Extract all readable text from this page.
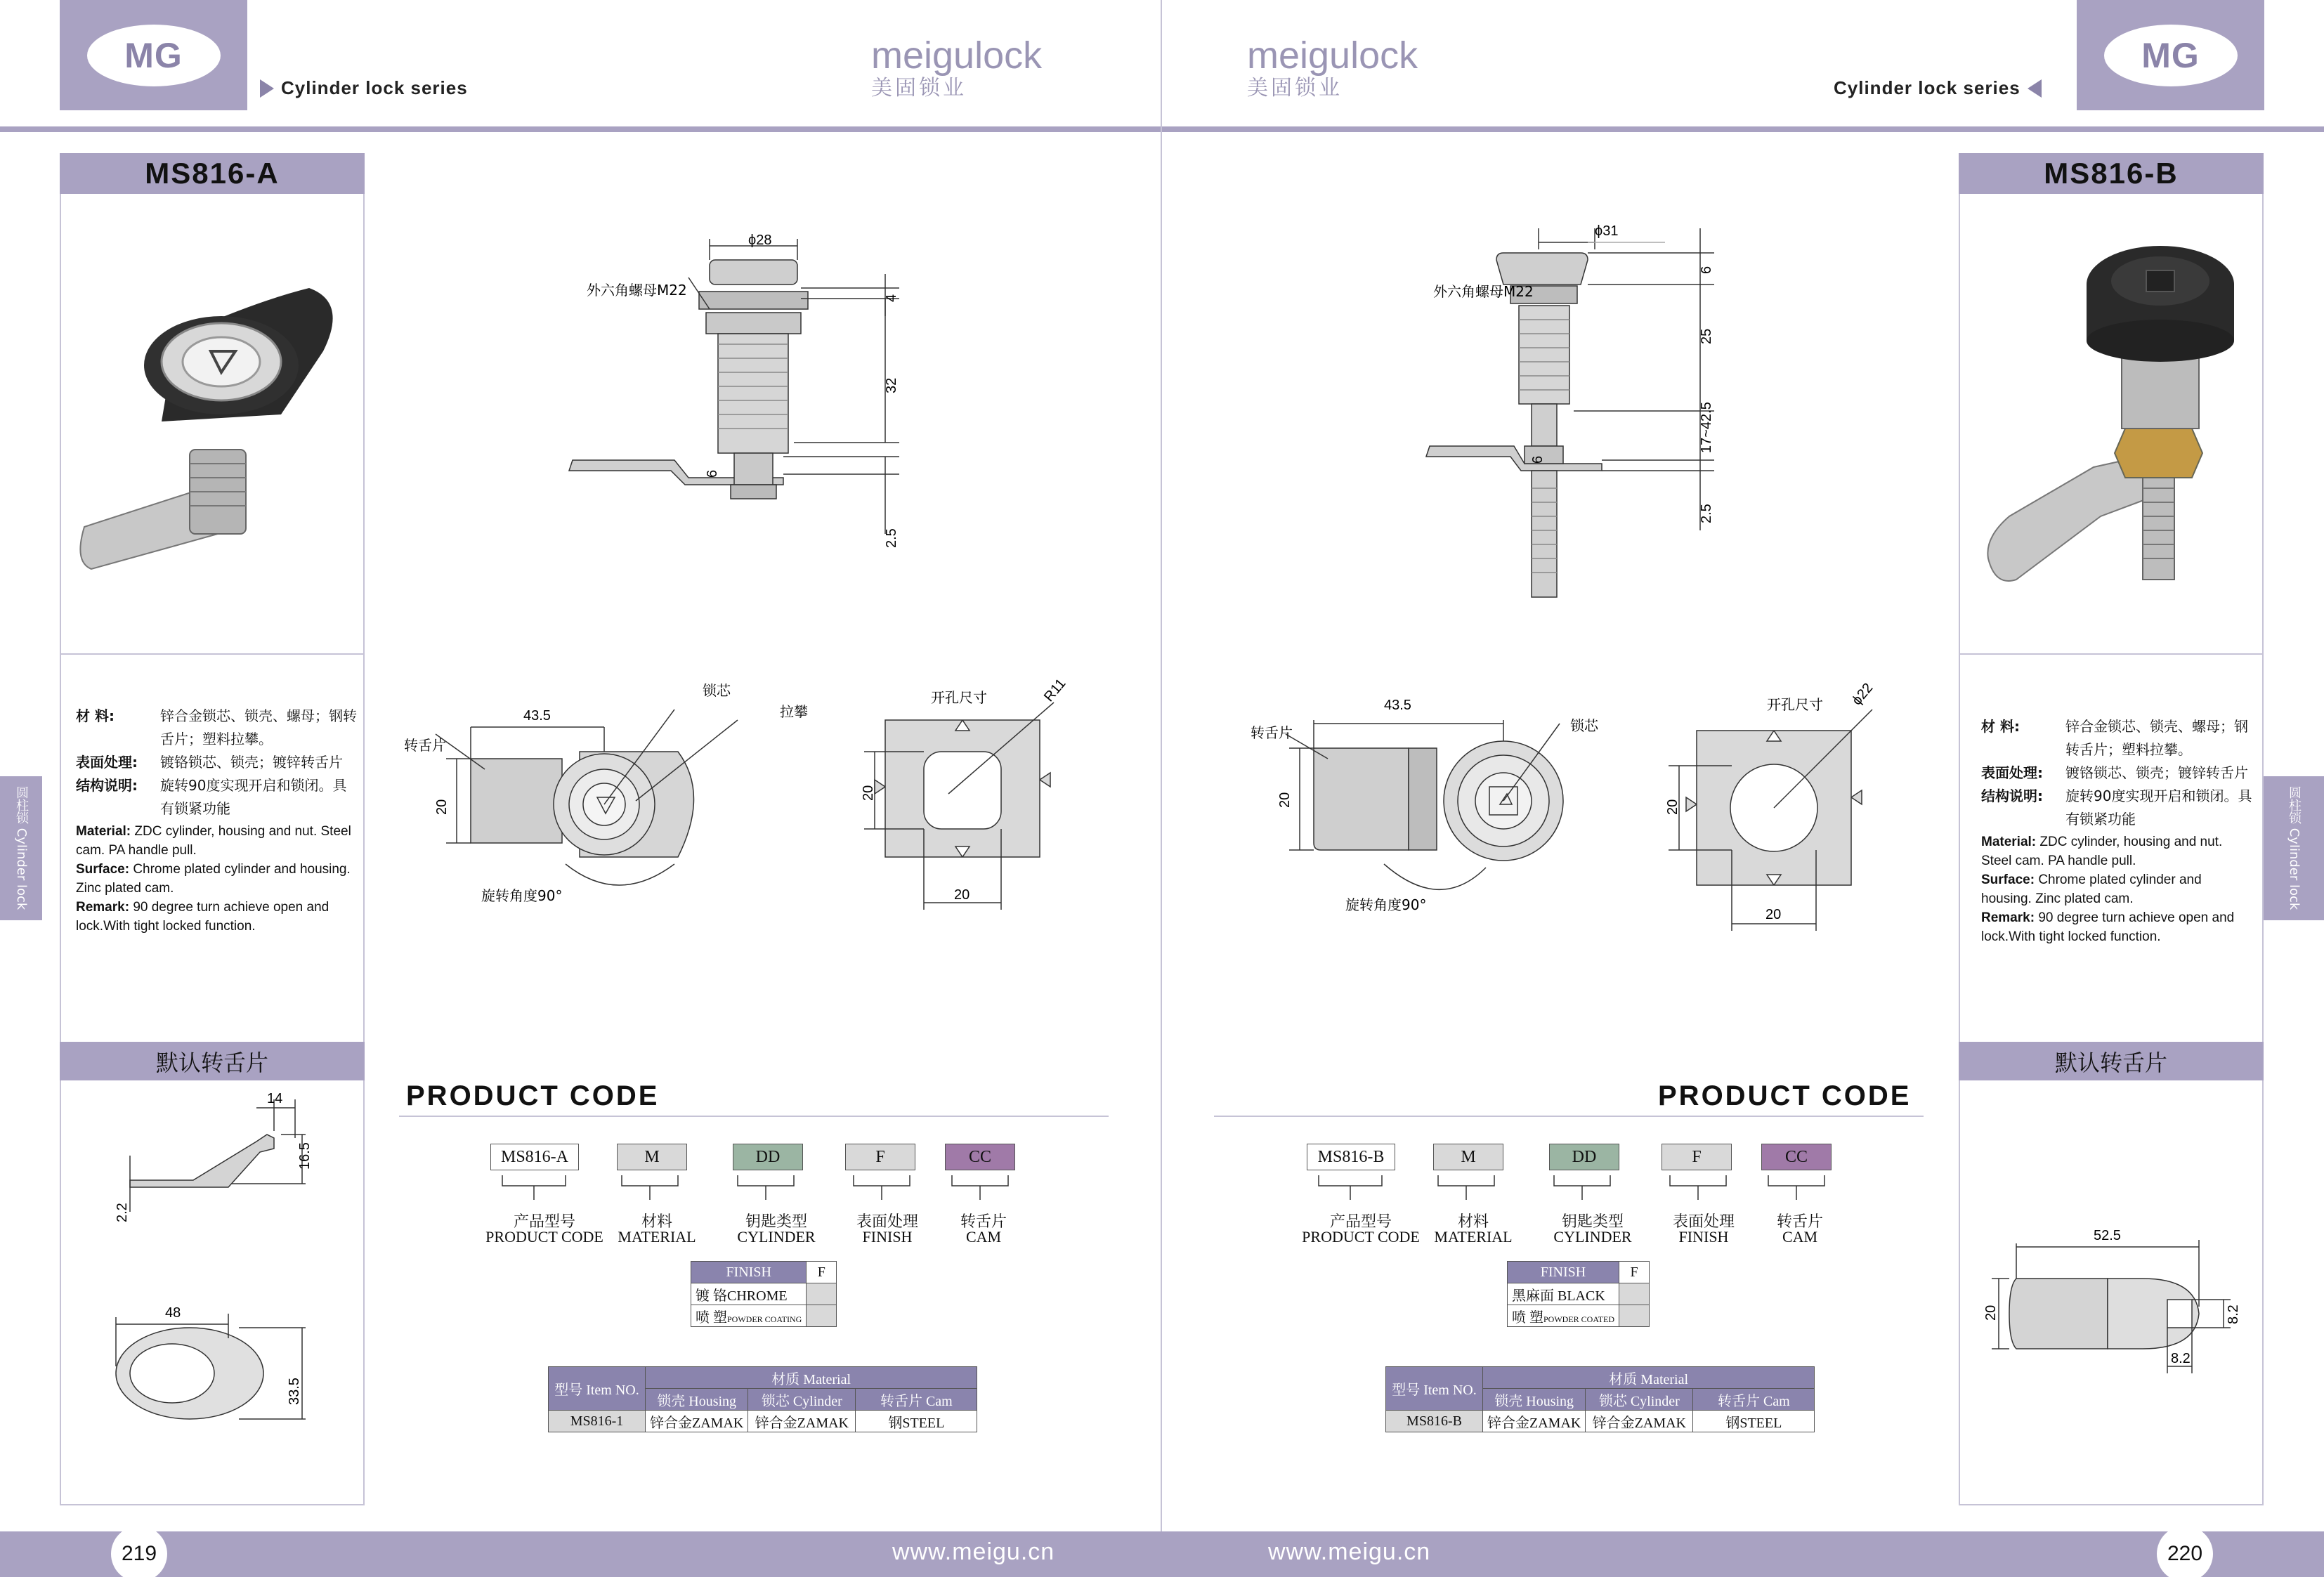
MG
Cylinder lock series
meigulock
美固锁业
MG
Cylinder lock series
meigulock
美固锁业
MS816-A
材 料:	锌合金锁芯、锁壳、螺母；钢转舌片；塑料拉攀。
表面处理:	镀铬锁芯、锁壳；镀锌转舌片
结构说明:	旋转90度实现开启和锁闭。具有锁紧功能
Material: ZDC cylinder, housing and nut. Steel cam. PA handle pull.
Surface: Chrome plated cylinder and housing. Zinc plated cam.
Remark: 90 degree turn achieve open and lock.With tight locked function.
默认转舌片
14
16.5
2.2
48
33.5
ϕ28
外六角螺母M22	4
32
6
2.5
43.5
锁芯
拉攀
转舌片
20
旋转角度90°
开孔尺寸	R11
20
20
PRODUCT CODE
MS816-A	M	DD	F	CC
产品型号
PRODUCT CODE
材料
MATERIAL
钥匙类型
CYLINDER
表面处理
FINISH
转舌片
CAM
FINISH	F
镀 铬CHROME	
喷 塑POWDER COATING	
型号 Item NO.	材质 Material		
	锁壳 Housing	锁芯 Cylinder	转舌片 Cam
MS816-1	锌合金ZAMAK	锌合金ZAMAK	钢STEEL
圆柱锁 Cylinder lock
MS816-B
材 料:	锌合金锁芯、锁壳、螺母；钢转舌片；塑料拉攀。
表面处理:	镀铬锁芯、锁壳；镀锌转舌片
结构说明:	旋转90度实现开启和锁闭。具有锁紧功能
Material: ZDC cylinder, housing and nut. Steel cam. PA handle pull.
Surface: Chrome plated cylinder and housing. Zinc plated cam.
Remark: 90 degree turn achieve open and lock.With tight locked function.
默认转舌片
52.5
20	8.2
8.2
ϕ31
外六角螺母M22
6
25
17~42.5
6
2.5
43.5
锁芯
转舌片
20
旋转角度90°
开孔尺寸 ϕ22
20
20
PRODUCT CODE
MS816-B	M	DD	F	CC
产品型号
PRODUCT CODE
材料
MATERIAL
钥匙类型
CYLINDER
表面处理
FINISH
转舌片
CAM
FINISH	F
黑麻面 BLACK	
喷 塑POWDER COATED	
型号 Item NO.	材质 Material		
	锁壳 Housing	锁芯 Cylinder	转舌片 Cam
MS816-B	锌合金ZAMAK	锌合金ZAMAK	钢STEEL
圆柱锁 Cylinder lock
219	www.meigu.cn	www.meigu.cn	220
